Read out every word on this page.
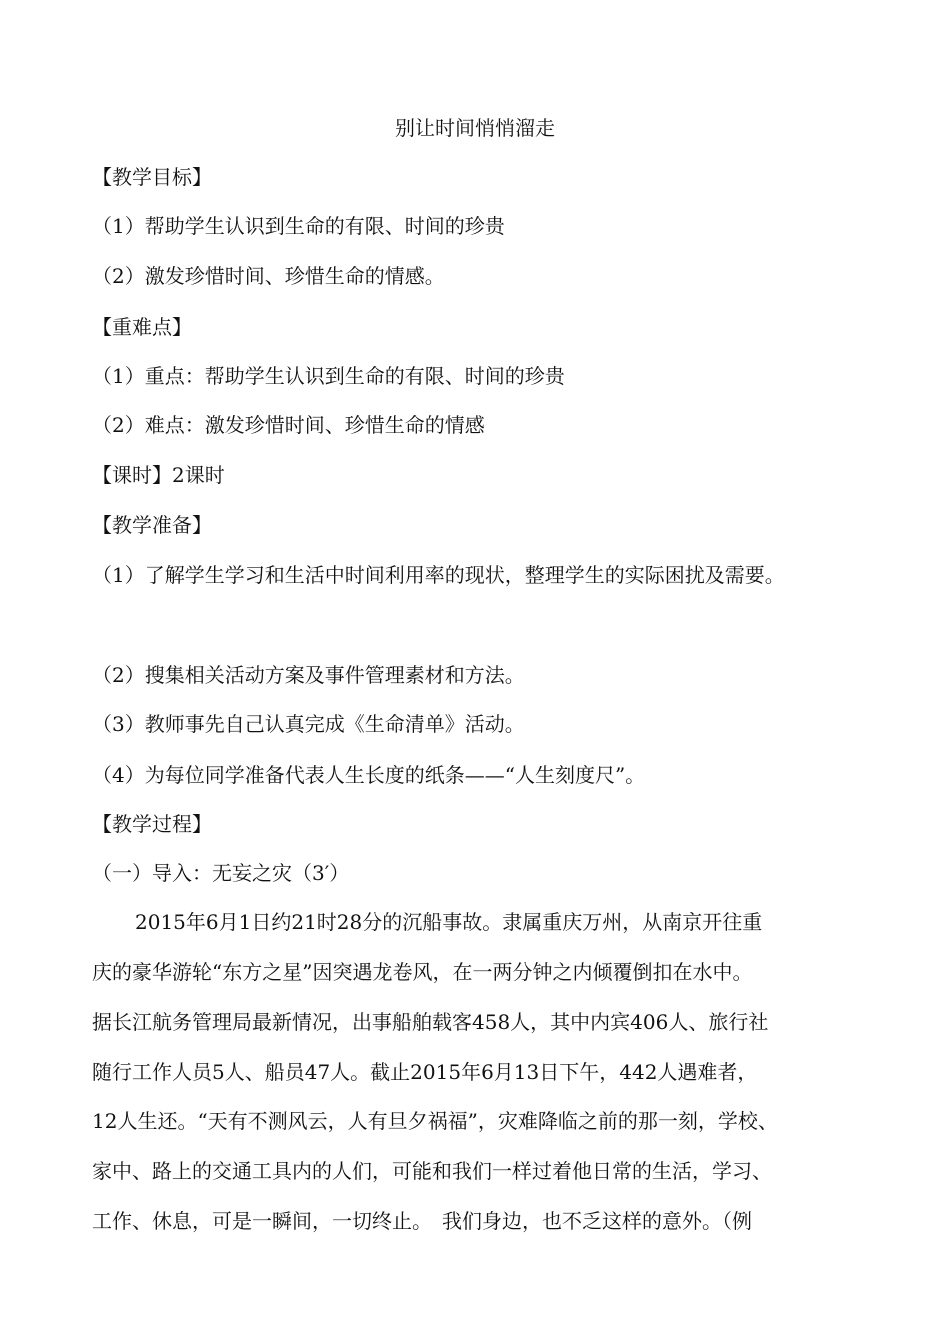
别让时间悄悄溜走
【教学目标】
（1）帮助学生认识到生命的有限、时间的珍贵
（2）激发珍惜时间、珍惜生命的情感。
【重难点】
（1）重点：帮助学生认识到生命的有限、时间的珍贵
（2）难点：激发珍惜时间、珍惜生命的情感
【课时】2课时
【教学准备】
（1）了解学生学习和生活中时间利用率的现状，整理学生的实际困扰及需要。
（2）搜集相关活动方案及事件管理素材和方法。
（3）教师事先自己认真完成《生命清单》活动。
（4）为每位同学准备代表人生长度的纸条——“人生刻度尺”。
【教学过程】
（一）导入：无妄之灾（3′）
2015年6月1日约21时28分的沉船事故。隶属重庆万州，从南京开往重
庆的豪华游轮“东方之星”因突遇龙卷风，在一两分钟之内倾覆倒扣在水中。
据长江航务管理局最新情况，出事船舶载客458人，其中内宾406人、旅行社
随行工作人员5人、船员47人。截止2015年6月13日下午，442人遇难者，
12人生还。“天有不测风云，人有旦夕祸福”，灾难降临之前的那一刻，学校、
家中、路上的交通工具内的人们，可能和我们一样过着他日常的生活，学习、
工作、休息，可是一瞬间，一切终止。　我们身边，也不乏这样的意外。（例
